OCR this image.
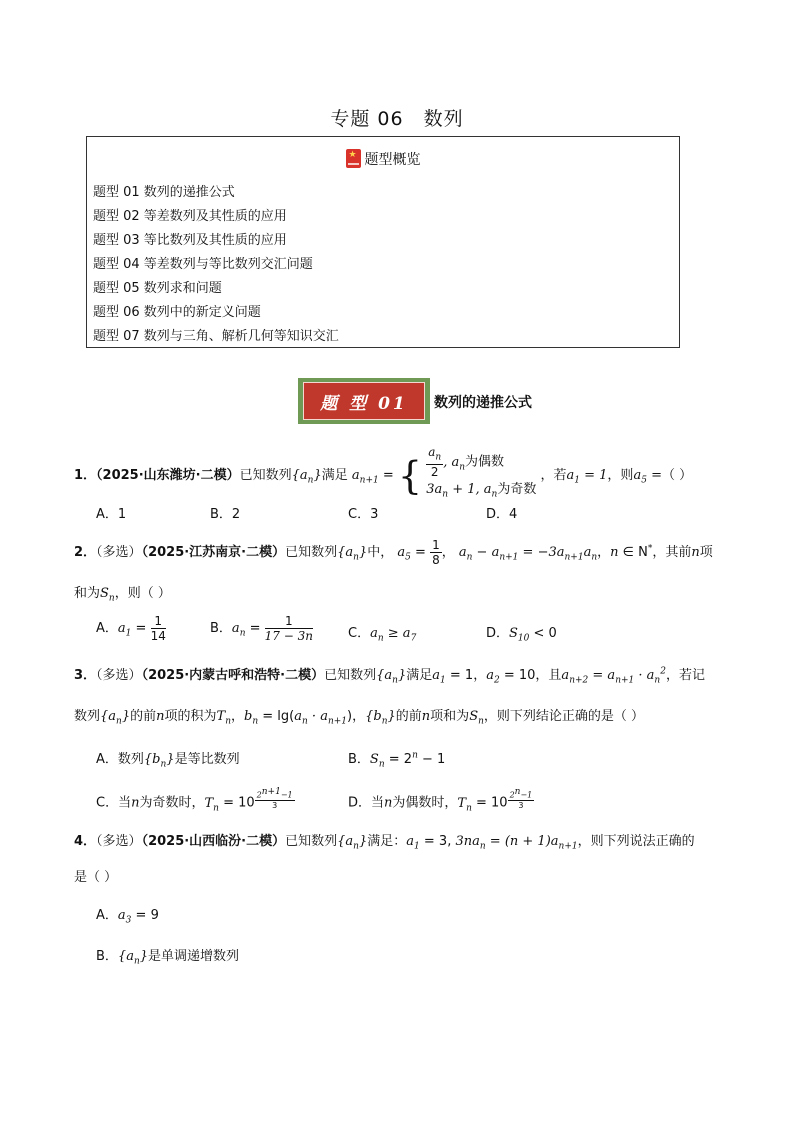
专题 06　数列
★题型概览
题型 01 数列的递推公式
题型 02 等差数列及其性质的应用
题型 03 等比数列及其性质的应用
题型 04 等差数列与等比数列交汇问题
题型 05 数列求和问题
题型 06 数列中的新定义问题
题型 07 数列与三角、解析几何等知识交汇
题 型 01	数列的递推公式
1．（2025·山东潍坊·二模）已知数列$\{a_n\}$满足 $a_{n+1}$ = { $\frac{a_n}{2}$ , $a_n$为偶数
$3a_n + 1$, $a_n$为奇数
，若$a_1 = 1$，则$a_5$ =（ ）
A．1	B．2	C．3	D．4
2．（多选）（2025·江苏南京·二模）已知数列$\{a_n\}$中， $a_5 = \frac{1}{8}$ ， $a_n - a_{n+1} = -3a_{n+1}a_n$，n ∈ N*，其前n项
和为$S_n$，则（ ）
A．$a_1 = \frac{1}{14}$	B．$a_n = \frac{1}{17 - 3n}$	C．$a_n \ge a_7$	D．$S_{10} < 0$
3．（多选）（2025·内蒙古呼和浩特·二模）已知数列$\{a_n\}$满足$a_1 = 1$，$a_2 = 10$，且$a_{n+2} = a_{n+1} \cdot a_n^2$，若记
数列$\{a_n\}$的前n项的积为$T_n$，$b_n = \lg(a_n \cdot a_{n+1})$，$\{b_n\}$的前n项和为$S_n$，则下列结论正确的是（ ）
A．数列$\{b_n\}$是等比数列	B．$S_n = 2^n - 1$
C．当n为奇数时，$T_n = 10$ $^{\frac{2^{n+1}-1}{3}}$	D．当n为偶数时，$T_n = 10$ $^{\frac{2^n-1}{3}}$
4．（多选）（2025·山西临汾·二模）已知数列$\{a_n\}$满足：$a_1 = 3$, $3na_n = (n + 1)a_{n+1}$，则下列说法正确的
是（ ）
A．$a_3 = 9$
B．$\{a_n\}$是单调递增数列
